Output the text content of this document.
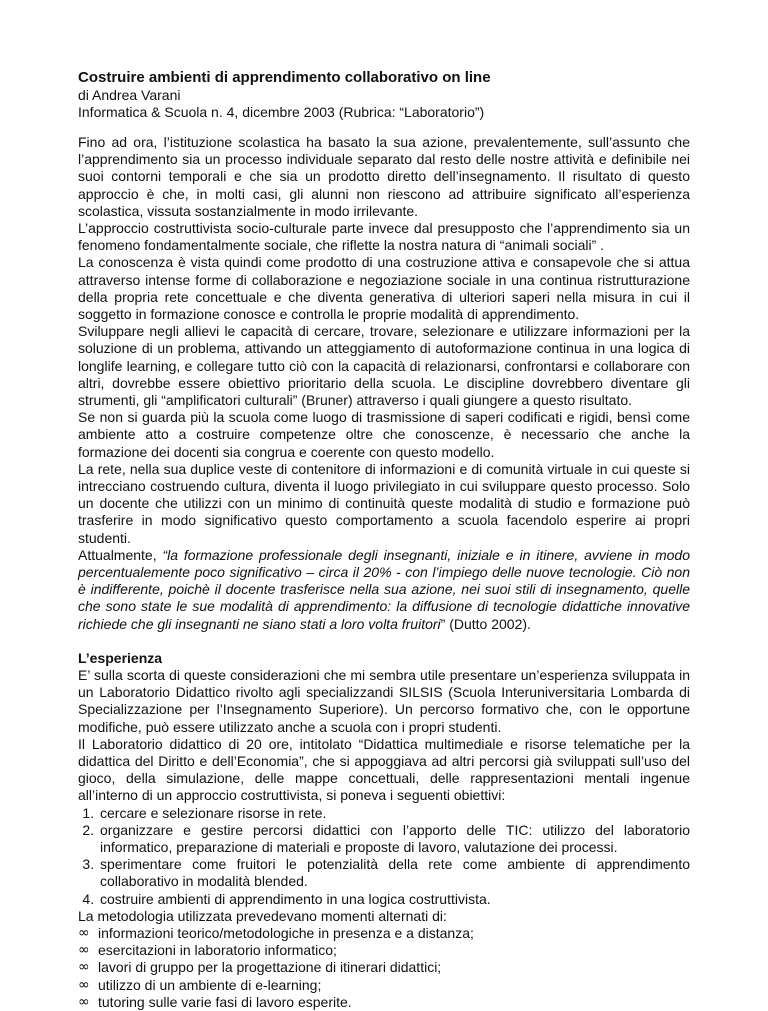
Costruire ambienti di apprendimento collaborativo on line

di Andrea Varani

Informatica & Scuola n. 4, dicembre 2003 (Rubrica: “Laboratorio”)

Fino ad ora, l’istituzione scolastica ha basato la sua azione, prevalentemente, sull’assunto che l’apprendimento sia un processo individuale separato dal resto delle nostre attività e definibile nei suoi contorni temporali e che sia un prodotto diretto dell’insegnamento. Il risultato di questo approccio è che, in molti casi, gli alunni non riescono ad attribuire significato all’esperienza scolastica, vissuta sostanzialmente in modo irrilevante.

L’approccio costruttivista socio-culturale parte invece dal presupposto che l’apprendimento sia un fenomeno fondamentalmente sociale, che riflette la nostra natura di “animali sociali” .

La conoscenza è vista quindi come prodotto di una costruzione attiva e consapevole che si attua attraverso intense forme di collaborazione e negoziazione sociale in una continua ristrutturazione della propria rete concettuale e che diventa generativa di ulteriori saperi nella misura in cui il soggetto in formazione conosce e controlla le proprie modalità di apprendimento.

Sviluppare negli allievi le capacità di cercare, trovare, selezionare e utilizzare informazioni per la soluzione di un problema, attivando un atteggiamento di autoformazione continua in una logica di longlife learning, e collegare tutto ciò con la capacità di relazionarsi, confrontarsi e collaborare con altri, dovrebbe essere obiettivo prioritario della scuola. Le discipline dovrebbero diventare gli strumenti, gli “amplificatori culturali” (Bruner) attraverso i quali giungere a questo risultato.

Se non si guarda più la scuola come luogo di trasmissione di saperi codificati e rigidi, bensì come ambiente atto a costruire competenze oltre che conoscenze, è necessario che anche la formazione dei docenti sia congrua e coerente con questo modello.

La rete, nella sua duplice veste di contenitore di informazioni e di comunità virtuale in cui queste si intrecciano costruendo cultura, diventa il luogo privilegiato in cui sviluppare questo processo. Solo un docente che utilizzi con un minimo di continuità queste modalità di studio e formazione può trasferire in modo significativo questo comportamento a scuola facendolo esperire ai propri studenti.

Attualmente, “la formazione professionale degli insegnanti, iniziale e in itinere, avviene in modo percentualemente poco significativo – circa il 20% - con l’impiego delle nuove tecnologie. Ciò non è indifferente, poichè il docente trasferisce nella sua azione, nei suoi stili di insegnamento, quelle che sono state le sue modalità di apprendimento: la diffusione di tecnologie didattiche innovative richiede che gli insegnanti ne siano stati a loro volta fruitori” (Dutto 2002).

L’esperienza

E’ sulla scorta di queste considerazioni che mi sembra utile presentare un’esperienza sviluppata in un Laboratorio Didattico rivolto agli specializzandi SILSIS (Scuola Interuniversitaria Lombarda di Specializzazione per l’Insegnamento Superiore). Un percorso formativo che, con le opportune modifiche, può essere utilizzato anche a scuola con i propri studenti.

Il Laboratorio didattico di 20 ore, intitolato “Didattica multimediale e risorse telematiche per la didattica del Diritto e dell’Economia”, che si appoggiava ad altri percorsi già sviluppati sull’uso del gioco, della simulazione, delle mappe concettuali, delle rappresentazioni mentali ingenue all’interno di un approccio costruttivista, si poneva i seguenti obiettivi:

1. cercare e selezionare risorse in rete.
2. organizzare e gestire percorsi didattici con l’apporto delle TIC: utilizzo del laboratorio informatico, preparazione di materiali e proposte di lavoro, valutazione dei processi.
3. sperimentare come fruitori le potenzialità della rete come ambiente di apprendimento collaborativo in modalità blended.
4. costruire ambienti di apprendimento in una logica costruttivista.

La metodologia utilizzata prevedevano momenti alternati di:

∞ informazioni teorico/metodologiche in presenza e a distanza;
∞ esercitazioni in laboratorio informatico;
∞ lavori di gruppo per la progettazione di itinerari didattici;
∞ utilizzo di un ambiente di e-learning;
∞ tutoring sulle varie fasi di lavoro esperite.
